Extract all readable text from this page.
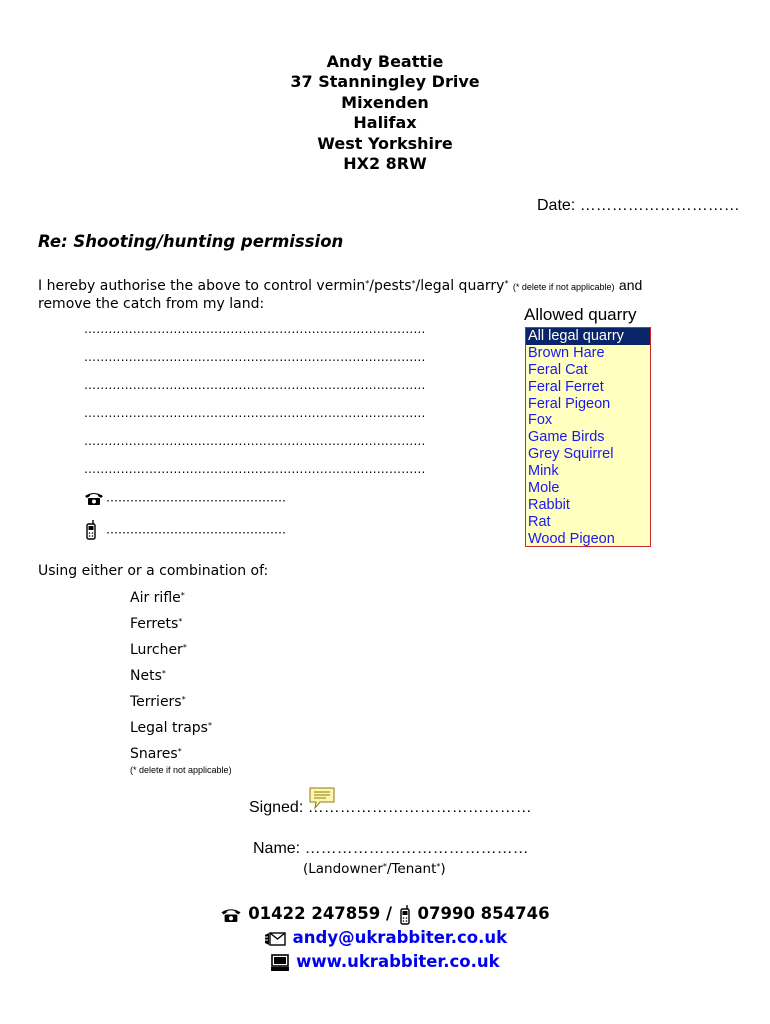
Andy Beattie
37 Stanningley Drive
Mixenden
Halifax
West Yorkshire
HX2 8RW
Date: …………………………
Re: Shooting/hunting permission
I hereby authorise the above to control vermin*/pests*/legal quarry* (* delete if not applicable) and
remove the catch from my land:
…………………………………………………………………………
…………………………………………………………………………
…………………………………………………………………………
…………………………………………………………………………
…………………………………………………………………………
…………………………………………………………………………
………………………………………
………………………………………
Allowed quarry
All legal quarry
Brown Hare
Feral Cat
Feral Ferret
Feral Pigeon
Fox
Game Birds
Grey Squirrel
Mink
Mole
Rabbit
Rat
Wood Pigeon
Using either or a combination of:
Air rifle*
Ferrets*
Lurcher*
Nets*
Terriers*
Legal traps*
Snares*
(* delete if not applicable)
Signed: ……………………………………
Name: ……………………………………
(Landowner*/Tenant*)
01422 247859 / 07990 854746
andy@ukrabbiter.co.uk
www.ukrabbiter.co.uk
